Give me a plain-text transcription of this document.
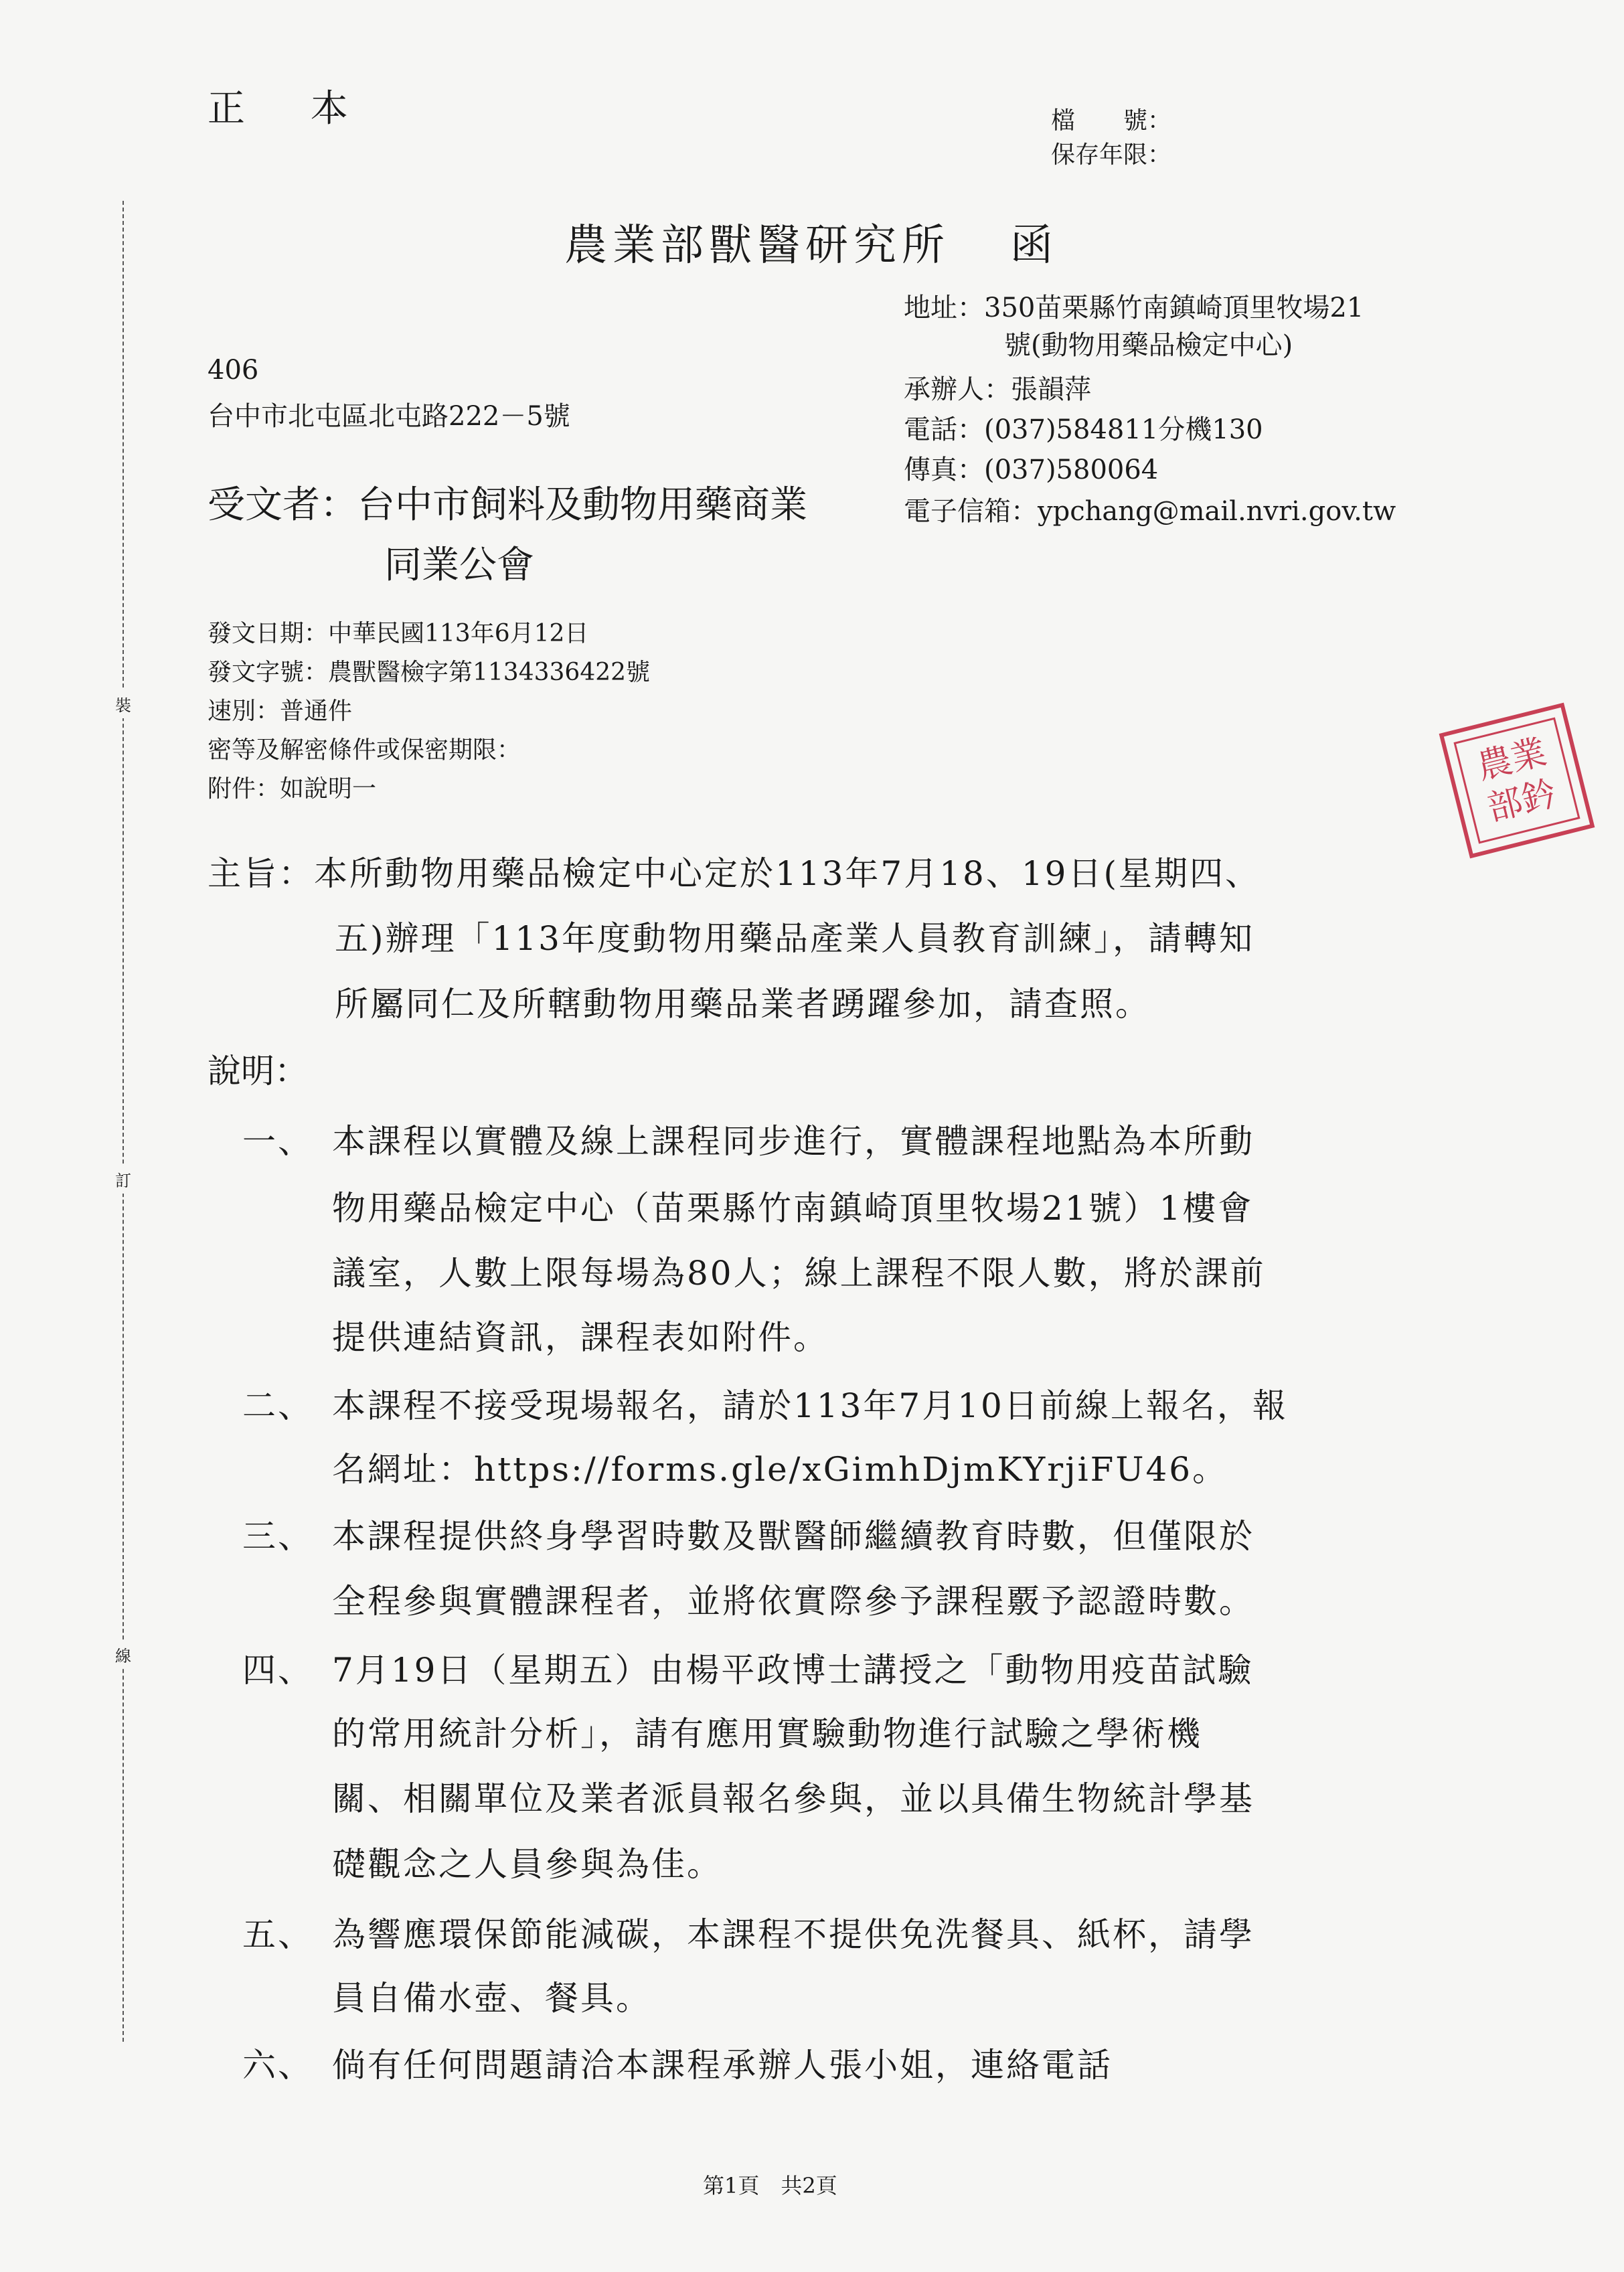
裝
訂
線
正 本	檔　　號：
保存年限：
農業部獸醫研究所 函
地址：350苗栗縣竹南鎮崎頂里牧場21
號(動物用藥品檢定中心)
承辦人：張韻萍
電話：(037)584811分機130
傳真：(037)580064
電子信箱：ypchang@mail.nvri.gov.tw
406
台中市北屯區北屯路222－5號
受文者：台中市飼料及動物用藥商業
同業公會
發文日期：中華民國113年6月12日
發文字號：農獸醫檢字第1134336422號
速別：普通件
密等及解密條件或保密期限：
附件：如說明一
農業部鈐
主旨：本所動物用藥品檢定中心定於113年7月18、19日(星期四、
五)辦理「113年度動物用藥品產業人員教育訓練」，請轉知
所屬同仁及所轄動物用藥品業者踴躍參加，請查照。
說明：
一、 本課程以實體及線上課程同步進行，實體課程地點為本所動
物用藥品檢定中心（苗栗縣竹南鎮崎頂里牧場21號）1樓會
議室，人數上限每場為80人；線上課程不限人數，將於課前
提供連結資訊，課程表如附件。
二、 本課程不接受現場報名，請於113年7月10日前線上報名，報
名網址：https://forms.gle/xGimhDjmKYrjiFU46。
三、 本課程提供終身學習時數及獸醫師繼續教育時數，但僅限於
全程參與實體課程者，並將依實際參予課程覈予認證時數。
四、 7月19日（星期五）由楊平政博士講授之「動物用疫苗試驗
的常用統計分析」，請有應用實驗動物進行試驗之學術機
關、相關單位及業者派員報名參與，並以具備生物統計學基
礎觀念之人員參與為佳。
五、 為響應環保節能減碳，本課程不提供免洗餐具、紙杯，請學
員自備水壺、餐具。
六、 倘有任何問題請洽本課程承辦人張小姐，連絡電話
第1頁　 共2頁
